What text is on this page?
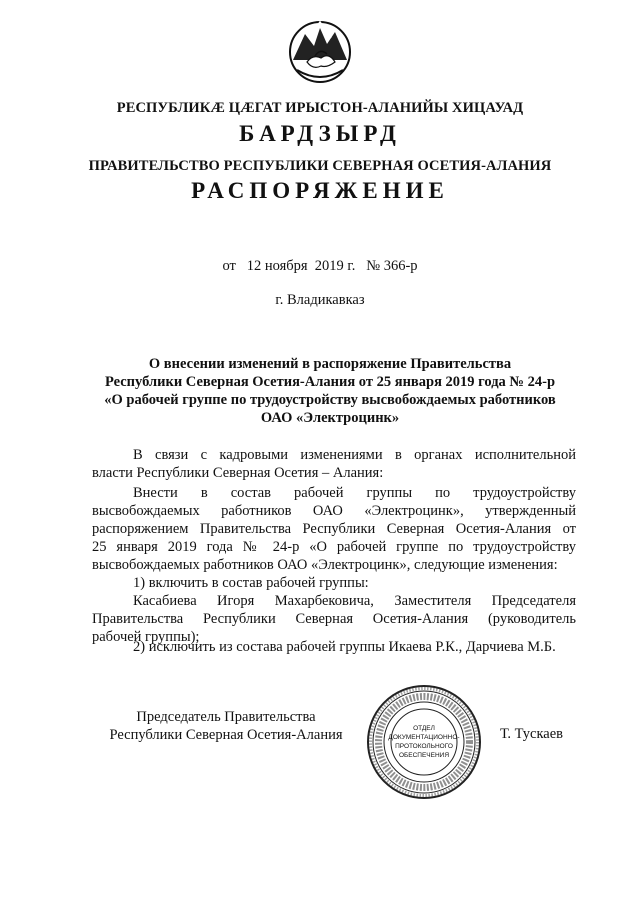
РЕСПУБЛИКӔ ЦӔГАТ ИРЫСТОН-АЛАНИЙЫ ХИЦАУАД
БАРДЗЫРД
ПРАВИТЕЛЬСТВО РЕСПУБЛИКИ СЕВЕРНАЯ ОСЕТИЯ-АЛАНИЯ
РАСПОРЯЖЕНИЕ
от   12 ноября  2019 г.   № 366-р
г. Владикавказ
О внесении изменений в распоряжение Правительства
Республики Северная Осетия-Алания от 25 января 2019 года № 24-р
«О рабочей группе по трудоустройству высвобождаемых работников
ОАО «Электроцинк»
В связи с кадровыми изменениями в органах исполнительной
власти Республики Северная Осетия – Алания:
Внести в состав рабочей группы по трудоустройству
высвобождаемых работников ОАО «Электроцинк», утвержденный
распоряжением Правительства Республики Северная Осетия-Алания от
25 января 2019 года № 24-р «О рабочей группе по трудоустройству
высвобождаемых работников ОАО «Электроцинк», следующие изменения:
1) включить в состав рабочей группы:
Касабиева Игоря Махарбековича, Заместителя Председателя
Правительства Республики Северная Осетия-Алания (руководитель
рабочей группы);
2) исключить из состава рабочей группы Икаева Р.К., Дарчиева М.Б.
Председатель Правительства
Республики Северная Осетия-Алания	ОТДЕЛ
ДОКУМЕНТАЦИОННО-
ПРОТОКОЛЬНОГО
ОБЕСПЕЧЕНИЯ
Т. Тускаев
